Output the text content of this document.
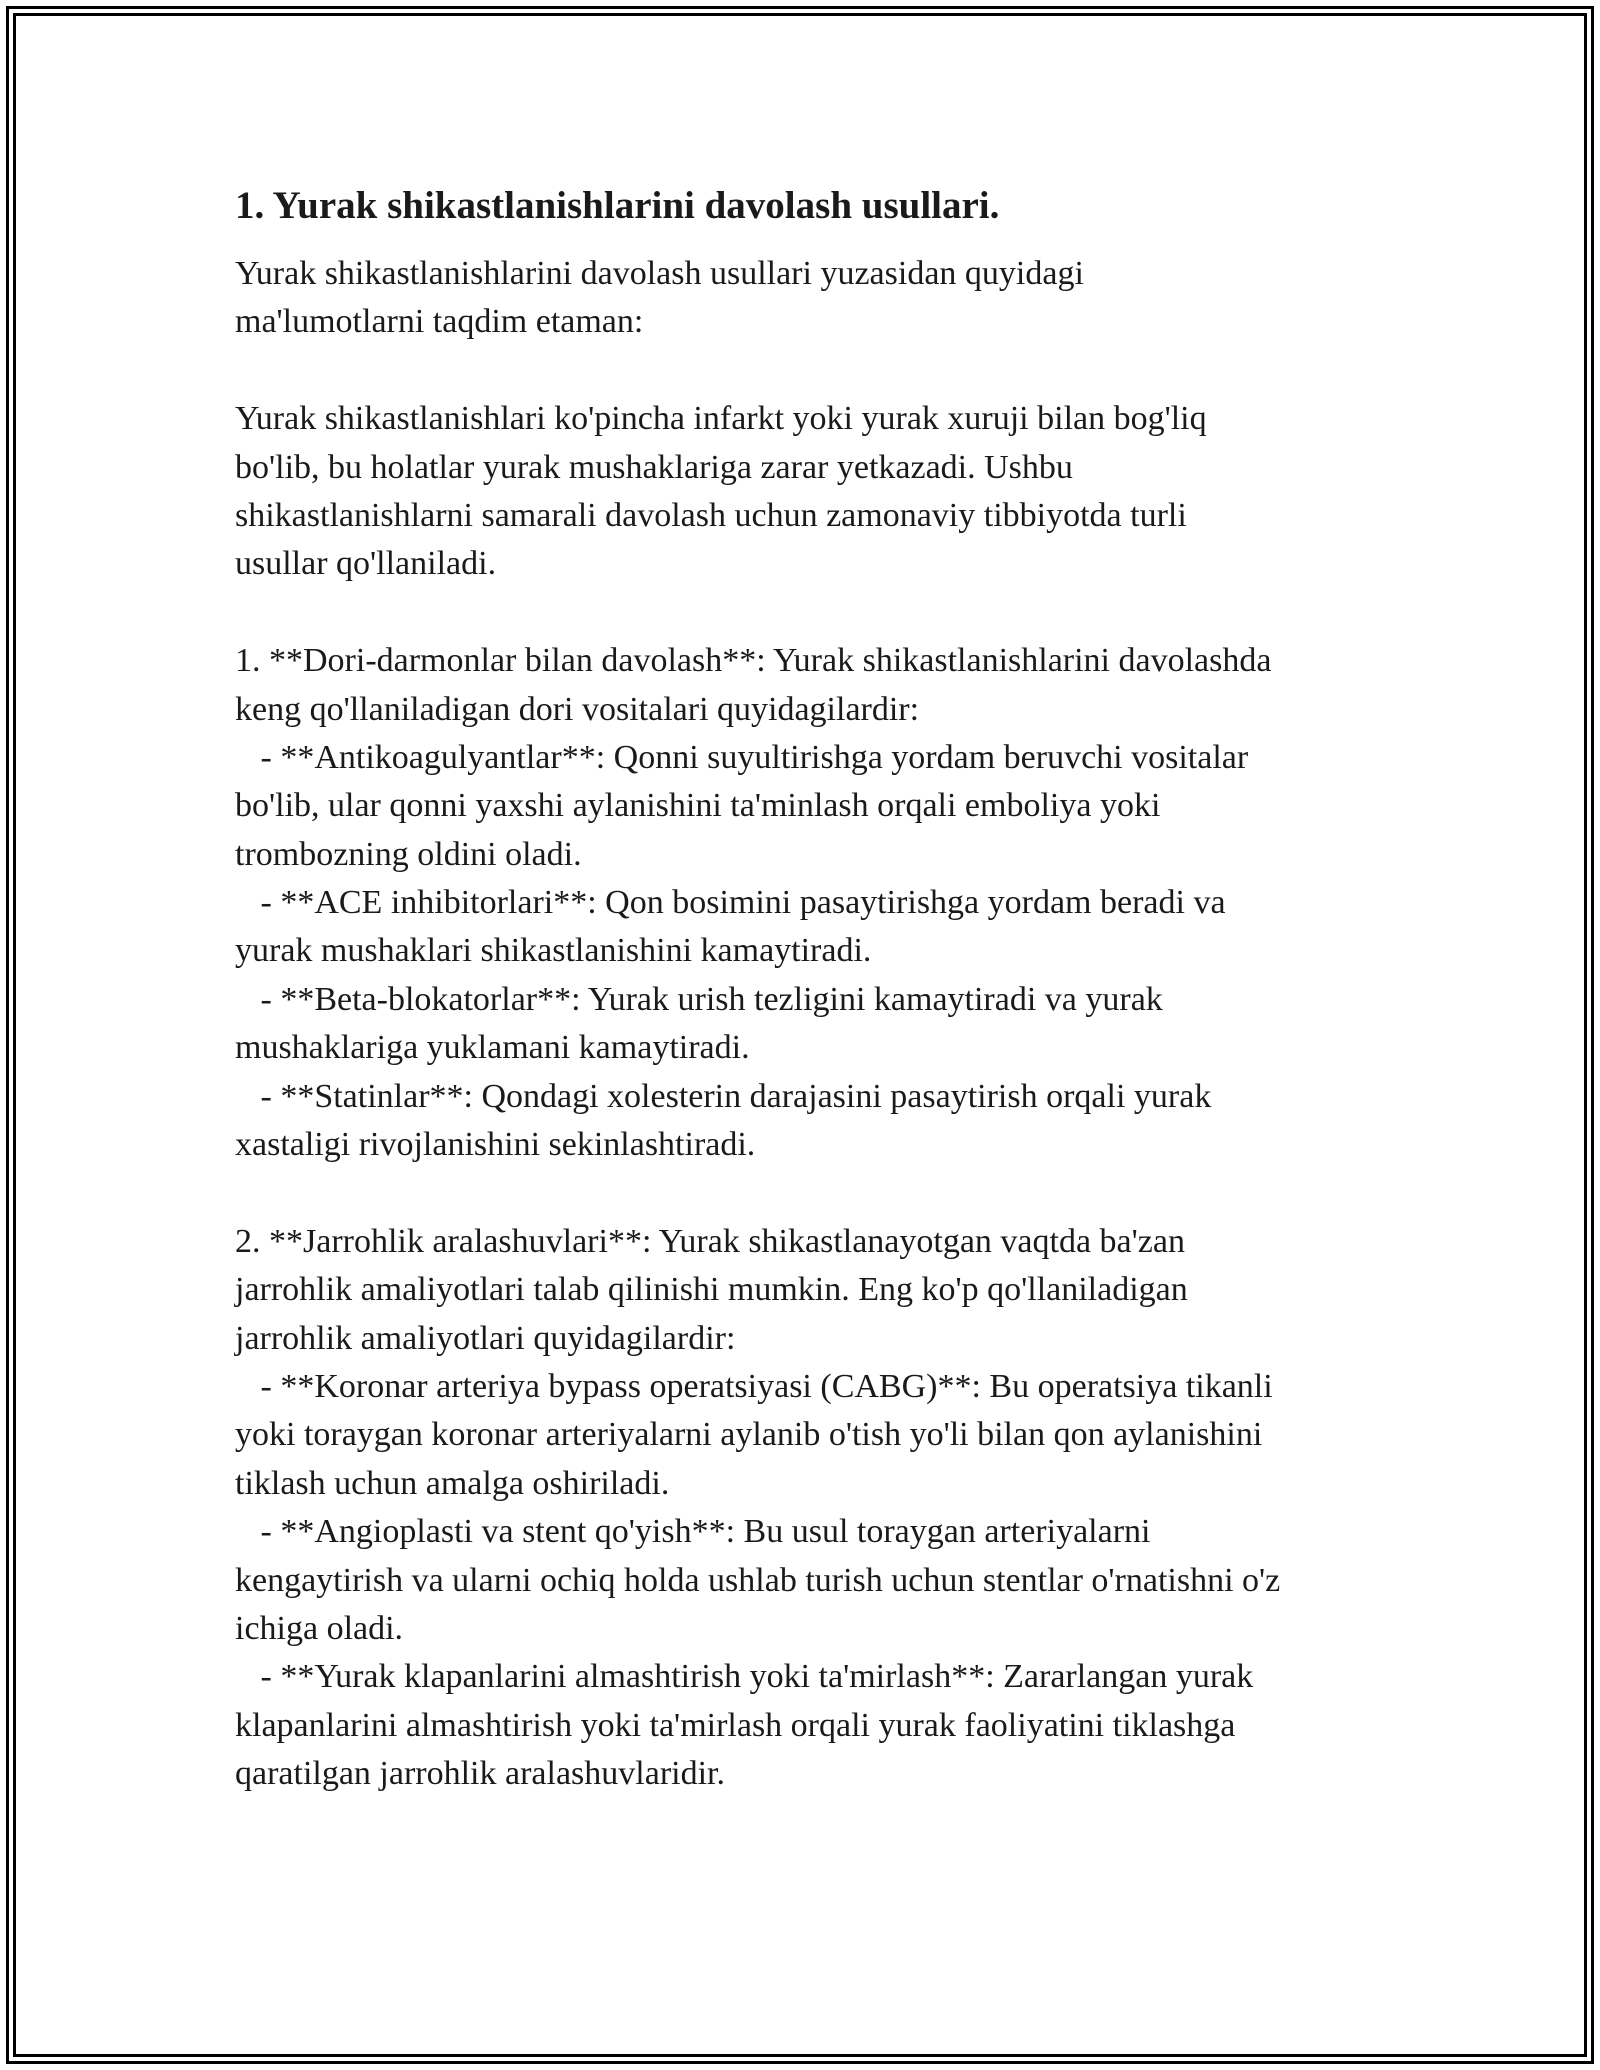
1. Yurak shikastlanishlarini davolash usullari.
Yurak shikastlanishlarini davolash usullari yuzasidan quyidagi
ma'lumotlarni taqdim etaman:
Yurak shikastlanishlari ko'pincha infarkt yoki yurak xuruji bilan bog'liq
bo'lib, bu holatlar yurak mushaklariga zarar yetkazadi. Ushbu
shikastlanishlarni samarali davolash uchun zamonaviy tibbiyotda turli
usullar qo'llaniladi.
1. **Dori-darmonlar bilan davolash**: Yurak shikastlanishlarini davolashda
keng qo'llaniladigan dori vositalari quyidagilardir:
- **Antikoagulyantlar**: Qonni suyultirishga yordam beruvchi vositalar
bo'lib, ular qonni yaxshi aylanishini ta'minlash orqali emboliya yoki
trombozning oldini oladi.
- **ACE inhibitorlari**: Qon bosimini pasaytirishga yordam beradi va
yurak mushaklari shikastlanishini kamaytiradi.
- **Beta-blokatorlar**: Yurak urish tezligini kamaytiradi va yurak
mushaklariga yuklamani kamaytiradi.
- **Statinlar**: Qondagi xolesterin darajasini pasaytirish orqali yurak
xastaligi rivojlanishini sekinlashtiradi.
2. **Jarrohlik aralashuvlari**: Yurak shikastlanayotgan vaqtda ba'zan
jarrohlik amaliyotlari talab qilinishi mumkin. Eng ko'p qo'llaniladigan
jarrohlik amaliyotlari quyidagilardir:
- **Koronar arteriya bypass operatsiyasi (CABG)**: Bu operatsiya tikanli
yoki toraygan koronar arteriyalarni aylanib o'tish yo'li bilan qon aylanishini
tiklash uchun amalga oshiriladi.
- **Angioplasti va stent qo'yish**: Bu usul toraygan arteriyalarni
kengaytirish va ularni ochiq holda ushlab turish uchun stentlar o'rnatishni o'z
ichiga oladi.
- **Yurak klapanlarini almashtirish yoki ta'mirlash**: Zararlangan yurak
klapanlarini almashtirish yoki ta'mirlash orqali yurak faoliyatini tiklashga
qaratilgan jarrohlik aralashuvlaridir.
